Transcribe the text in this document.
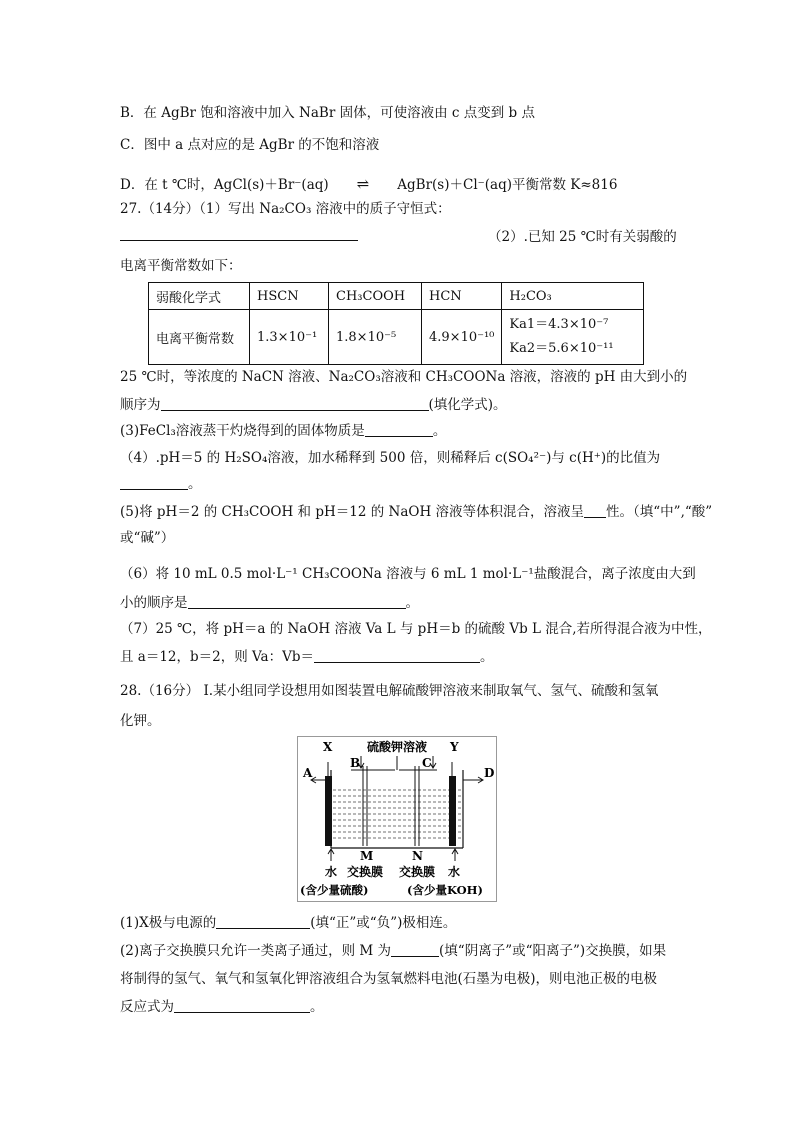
B．在 AgBr 饱和溶液中加入 NaBr 固体，可使溶液由 c 点变到 b 点
C．图中 a 点对应的是 AgBr 的不饱和溶液
D．在 t ℃时，AgCl(s)＋Br⁻(aq) ⇌ AgBr(s)＋Cl⁻(aq)平衡常数 K≈816
27.（14分）（1）写出 Na₂CO₃ 溶液中的质子守恒式：
（2）.已知 25 ℃时有关弱酸的
电离平衡常数如下：
弱酸化学式	HSCN	CH₃COOH	HCN	H₂CO₃
电离平衡常数	1.3×10⁻¹	1.8×10⁻⁵	4.9×10⁻¹⁰	Ka1＝4.3×10⁻⁷
Ka2＝5.6×10⁻¹¹
25 ℃时，等浓度的 NaCN 溶液、Na₂CO₃溶液和 CH₃COONa 溶液，溶液的 pH 由大到小的
顺序为	(填化学式)。
(3)FeCl₃溶液蒸干灼烧得到的固体物质是	。
（4）.pH＝5 的 H₂SO₄溶液，加水稀释到 500 倍，则稀释后 c(SO₄²⁻)与 c(H⁺)的比值为
。
(5)将 pH＝2 的 CH₃COOH 和 pH＝12 的 NaOH 溶液等体积混合，溶液呈 性。（填“中”,“酸”
或“碱”）
（6）将 10 mL 0.5 mol·L⁻¹ CH₃COONa 溶液与 6 mL 1 mol·L⁻¹盐酸混合，离子浓度由大到
小的顺序是	。
（7）25 ℃，将 pH＝a 的 NaOH 溶液 Va L 与 pH＝b 的硫酸 Vb L 混合,若所得混合液为中性，
且 a＝12，b＝2，则 Va：Vb＝	。
28.（16分） Ⅰ.某小组同学设想用如图装置电解硫酸钾溶液来制取氧气、氢气、硫酸和氢氧
化钾。
X	Y
硫酸钾溶液
A
B	C
D
M	N
交换膜 交换膜
水	水
(含少量硫酸)	(含少量KOH)
(1)X极与电源的	(填“正”或“负”)极相连。
(2)离子交换膜只允许一类离子通过，则 M 为	(填“阴离子”或“阳离子”)交换膜，如果
将制得的氢气、氧气和氢氧化钾溶液组合为氢氧燃料电池(石墨为电极)，则电池正极的电极
反应式为	。
